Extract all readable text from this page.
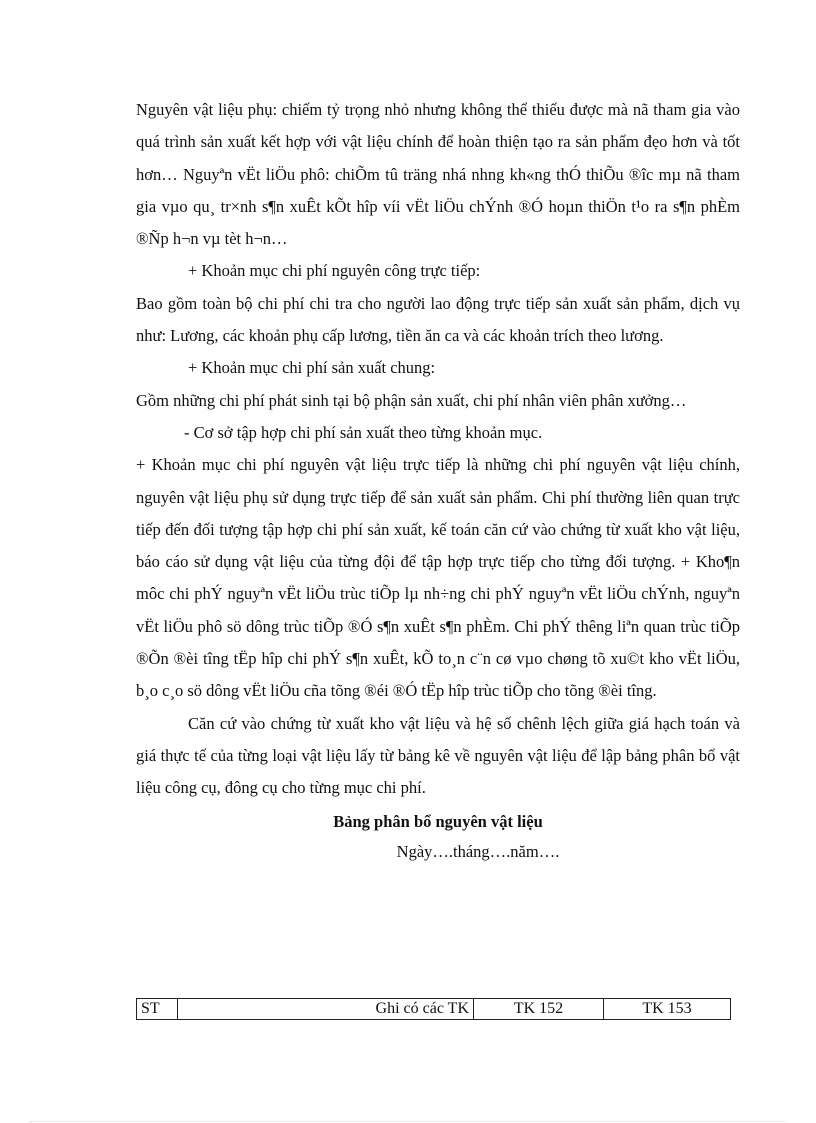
Nguyên vật liệu phụ: chiếm tỷ trọng nhỏ nhưng không thể thiếu được mà nã tham gia vào quá trình sản xuất kết hợp với vật liệu chính để hoàn thiện tạo ra sản phẩm đẹo hơn và tốt hơn… Nguyªn vËt liÖu phô: chiÕm tû träng nhá nhng kh«ng thÓ thiÕu ®îc mµ nã tham gia vµo qu¸ tr×nh s¶n xuÊt kÕt hîp víi vËt liÖu chÝnh ®Ó hoµn thiÖn t¹o ra s¶n phÈm ®Ñp h¬n vµ tèt h¬n…

+ Khoản mục chi phí nguyên công trực tiếp:

Bao gồm toàn bộ chi phí chi tra cho người lao động trực tiếp sản xuất sản phẩm, dịch vụ như: Lương, các khoản phụ cấp lương, tiền ăn ca và các khoản trích theo lương.

+ Khoản mục chi phí sản xuất chung:

Gồm những chi phí phát sinh tại bộ phận sản xuất, chi phí nhân viên phân xưởng…

- Cơ sở tập hợp chi phí sản xuất theo từng khoản mục.

+ Khoản mục chi phí nguyên vật liệu trực tiếp là những chi phí nguyên vật liệu chính, nguyên vật liệu phụ sử dụng trực tiếp để sản xuất sản phẩm. Chi phí thường liên quan trực tiếp đến đối tượng tập hợp chi phí sản xuất, kế toán căn cứ vào chứng từ xuất kho vật liệu, báo cáo sử dụng vật liệu của từng đội để tập hợp trực tiếp cho từng đối tượng. + Kho¶n môc chi phÝ nguyªn vËt liÖu trùc tiÕp lµ nh÷ng chi phÝ nguyªn vËt liÖu chÝnh, nguyªn vËt liÖu phô sö dông trùc tiÕp ®Ó s¶n xuÊt s¶n phÈm. Chi phÝ thêng liªn quan trùc tiÕp ®Õn ®èi tîng tËp hîp chi phÝ s¶n xuÊt, kÕ to¸n c¨n cø vµo chøng tõ xu©t kho vËt liÖu, b¸o c¸o sö dông vËt liÖu cña tõng ®éi ®Ó tËp hîp trùc tiÕp cho tõng ®èi tîng.

Căn cứ vào chứng từ xuất kho vật liệu và hệ số chênh lệch giữa giá hạch toán và giá thực tế của từng loại vật liệu lấy từ bảng kê về nguyên vật liệu để lập bảng phân bổ vật liệu công cụ, đông cụ cho từng mục chi phí.

Bảng phân bổ nguyên vật liệu

Ngày….tháng….năm….

ST	Ghi có các TK	TK 152	TK 153
